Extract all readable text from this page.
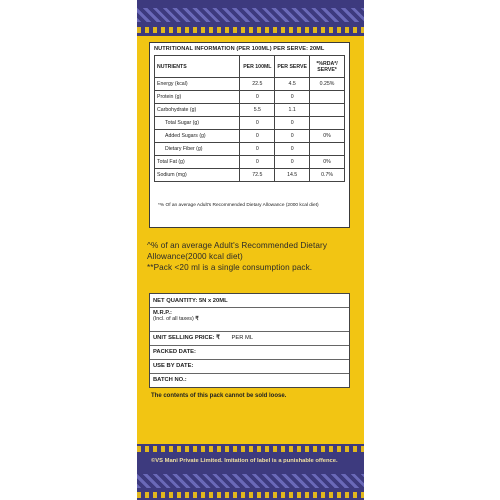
NUTRITIONAL INFORMATION (PER 100ML) PER SERVE: 20ML
NUTRIENTS	PER 100ML	PER SERVE	*%RDA*/ SERVE*
Energy (kcal)	22.5	4.5	0.25%
Protein (g)	0	0	
Carbohydrate (g)	5.5	1.1	
Total Sugar (g)	0	0	
Added Sugars (g)	0	0	0%
Dietary Fiber (g)	0	0	
Total Fat (g)	0	0	0%
Sodium (mg)	72.5	14.5	0.7%
*% Of an average Adult's Recommended Dietary Allowance (2000 kcal diet)
^% of an average Adult's Recommended Dietary Allowance(2000 kcal diet)
**Pack <20 ml is a single consumption pack.
NET QUANTITY: 5N x 20ML
M.R.P.:
(Incl. of all taxes) ₹
UNIT SELLING PRICE: ₹ PER ML
PACKED DATE:
USE BY DATE:
BATCH NO.:
The contents of this pack cannot be sold loose.
©VS Mani Private Limited. Imitation of label is a punishable offence.
